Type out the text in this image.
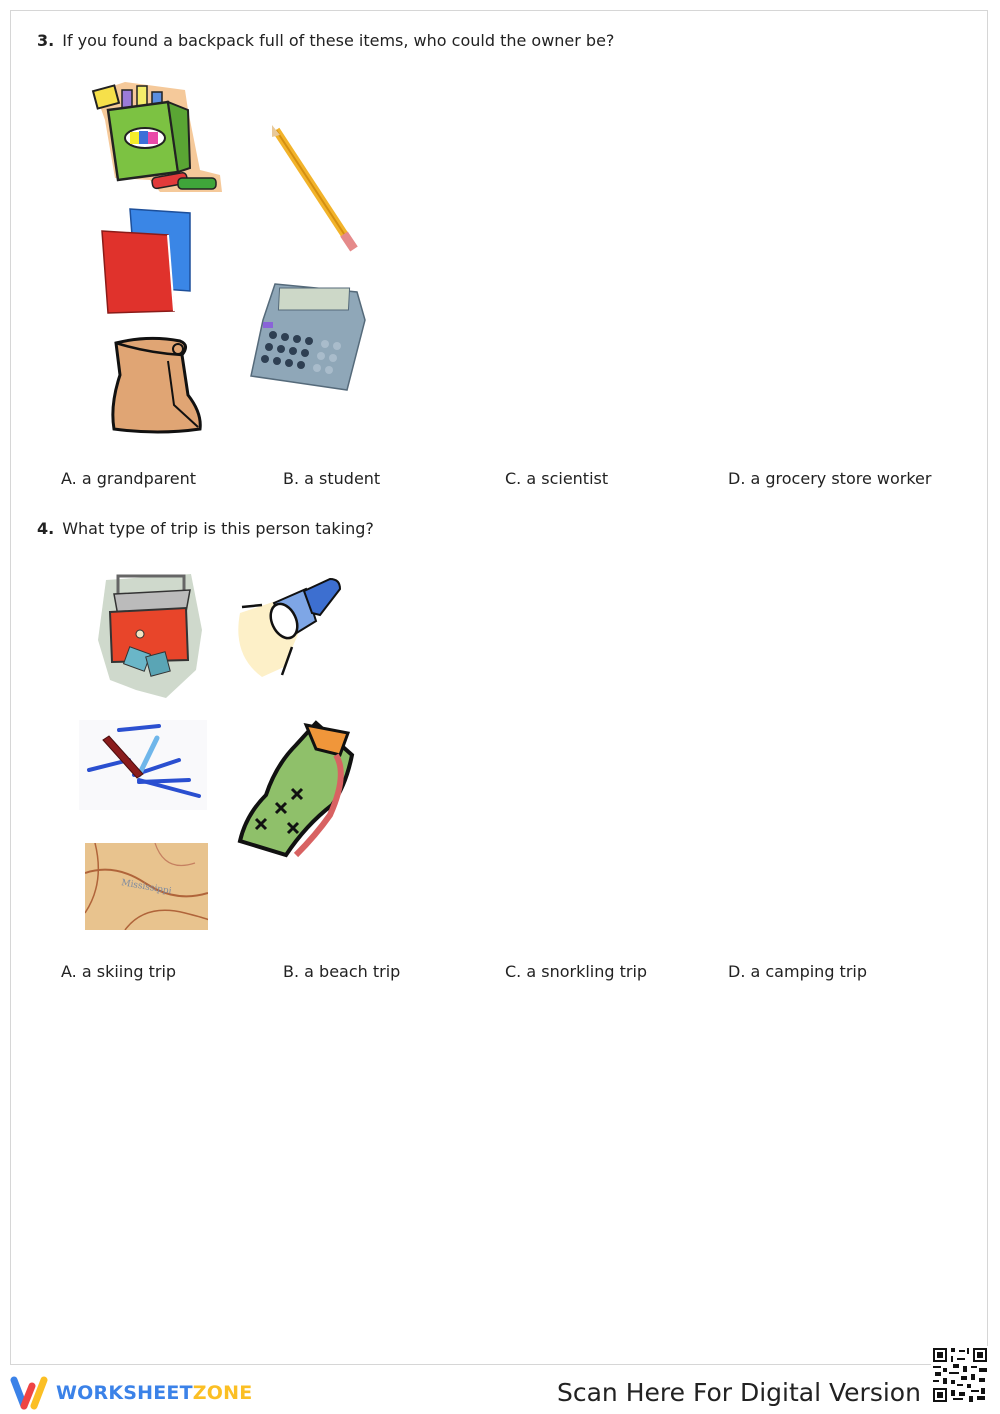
3. If you found a backpack full of these items, who could the owner be?
A. a grandparent	B. a student	C. a scientist	D. a grocery store worker
4. What type of trip is this person taking?
Mississippi
A. a skiing trip	B. a beach trip	C. a snorkling trip	D. a camping trip
WORKSHEETZONE	Scan Here For Digital Version
